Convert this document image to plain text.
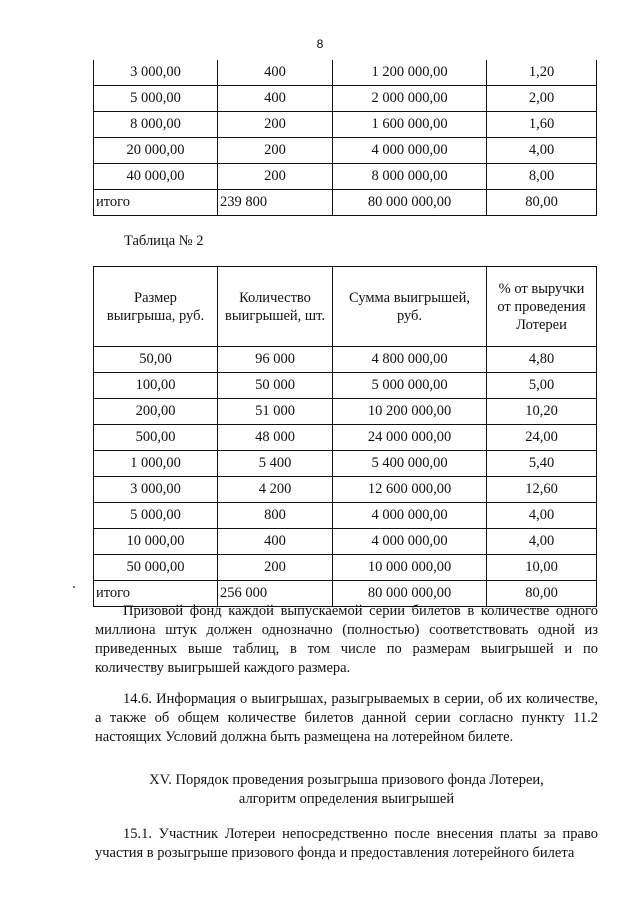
8
3 000,00	400	1 200 000,00	1,20
5 000,00	400	2 000 000,00	2,00
8 000,00	200	1 600 000,00	1,60
20 000,00	200	4 000 000,00	4,00
40 000,00	200	8 000 000,00	8,00
итого	239 800	80 000 000,00	80,00
Таблица № 2
Размер выигрыша, руб.	Количество выигрышей, шт.	Сумма выигрышей, руб.	% от выручки от проведения Лотереи
50,00	96 000	4 800 000,00	4,80
100,00	50 000	5 000 000,00	5,00
200,00	51 000	10 200 000,00	10,20
500,00	48 000	24 000 000,00	24,00
1 000,00	5 400	5 400 000,00	5,40
3 000,00	4 200	12 600 000,00	12,60
5 000,00	800	4 000 000,00	4,00
10 000,00	400	4 000 000,00	4,00
50 000,00	200	10 000 000,00	10,00
итого	256 000	80 000 000,00	80,00

Призовой фонд каждой выпускаемой серии билетов в количестве одного миллиона штук должен однозначно (полностью) соответствовать одной из приведенных выше таблиц, в том числе по размерам выигрышей и по количеству выигрышей каждого размера.

14.6. Информация о выигрышах, разыгрываемых в серии, об их количестве, а также об общем количестве билетов данной серии согласно пункту 11.2 настоящих Условий должна быть размещена на лотерейном билете.

XV. Порядок проведения розыгрыша призового фонда Лотереи,
алгоритм определения выигрышей

15.1. Участник Лотереи непосредственно после внесения платы за право участия в розыгрыше призового фонда и предоставления лотерейного билета
